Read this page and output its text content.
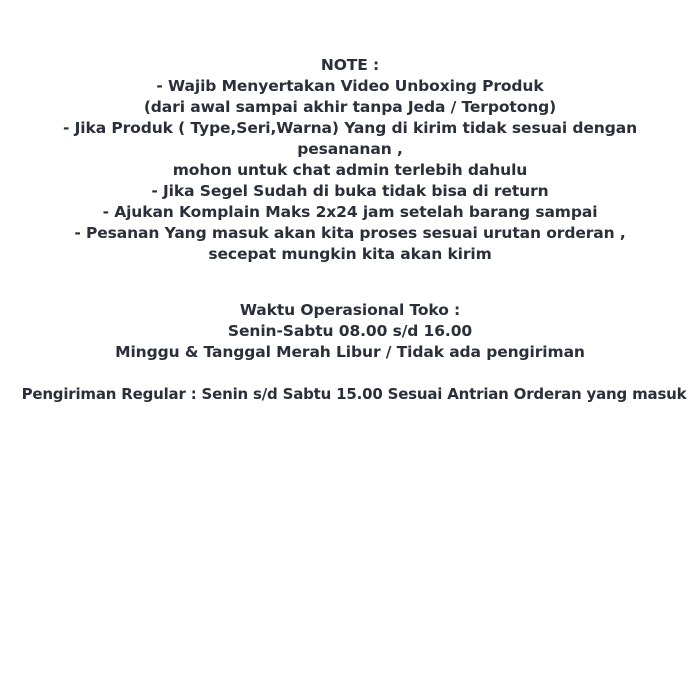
NOTE :
- Wajib Menyertakan Video Unboxing Produk
(dari awal sampai akhir tanpa Jeda / Terpotong)
- Jika Produk ( Type,Seri,Warna) Yang di kirim tidak sesuai dengan
pesananan ,
mohon untuk chat admin terlebih dahulu
- Jika Segel Sudah di buka tidak bisa di return
- Ajukan Komplain Maks 2x24 jam setelah barang sampai
- Pesanan Yang masuk akan kita proses sesuai urutan orderan ,
secepat mungkin kita akan kirim
Waktu Operasional Toko :
Senin-Sabtu 08.00 s/d 16.00
Minggu & Tanggal Merah Libur / Tidak ada pengiriman
Pengiriman Regular : Senin s/d Sabtu 15.00 Sesuai Antrian Orderan yang masuk
